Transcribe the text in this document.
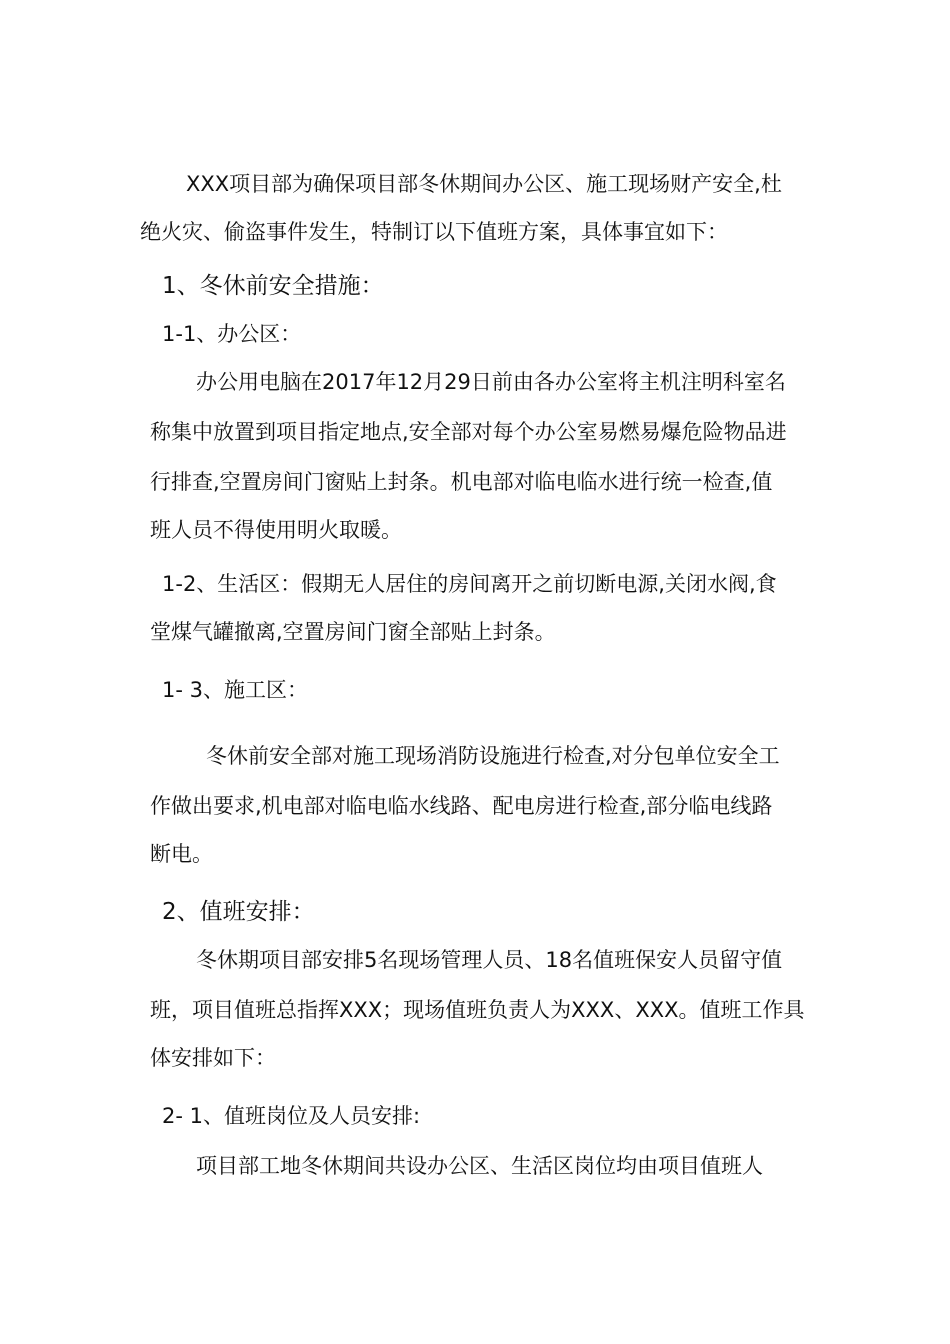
XXX项目部为确保项目部冬休期间办公区、施工现场财产安全,杜
绝火灾、偷盗事件发生，特制订以下值班方案，具体事宜如下：
1、冬休前安全措施：
1-1、办公区：
办公用电脑在2017年12月29日前由各办公室将主机注明科室名
称集中放置到项目指定地点,安全部对每个办公室易燃易爆危险物品进
行排查,空置房间门窗贴上封条。机电部对临电临水进行统一检查,值
班人员不得使用明火取暖。
1-2、生活区：假期无人居住的房间离开之前切断电源,关闭水阀,食
堂煤气罐撤离,空置房间门窗全部贴上封条。
1- 3、施工区：
冬休前安全部对施工现场消防设施进行检查,对分包单位安全工
作做出要求,机电部对临电临水线路、配电房进行检查,部分临电线路
断电。
2、值班安排：
冬休期项目部安排5名现场管理人员、18名值班保安人员留守值
班，项目值班总指挥XXX；现场值班负责人为XXX、XXX。值班工作具
体安排如下：
2- 1、值班岗位及人员安排:
项目部工地冬休期间共设办公区、生活区岗位均由项目值班人
